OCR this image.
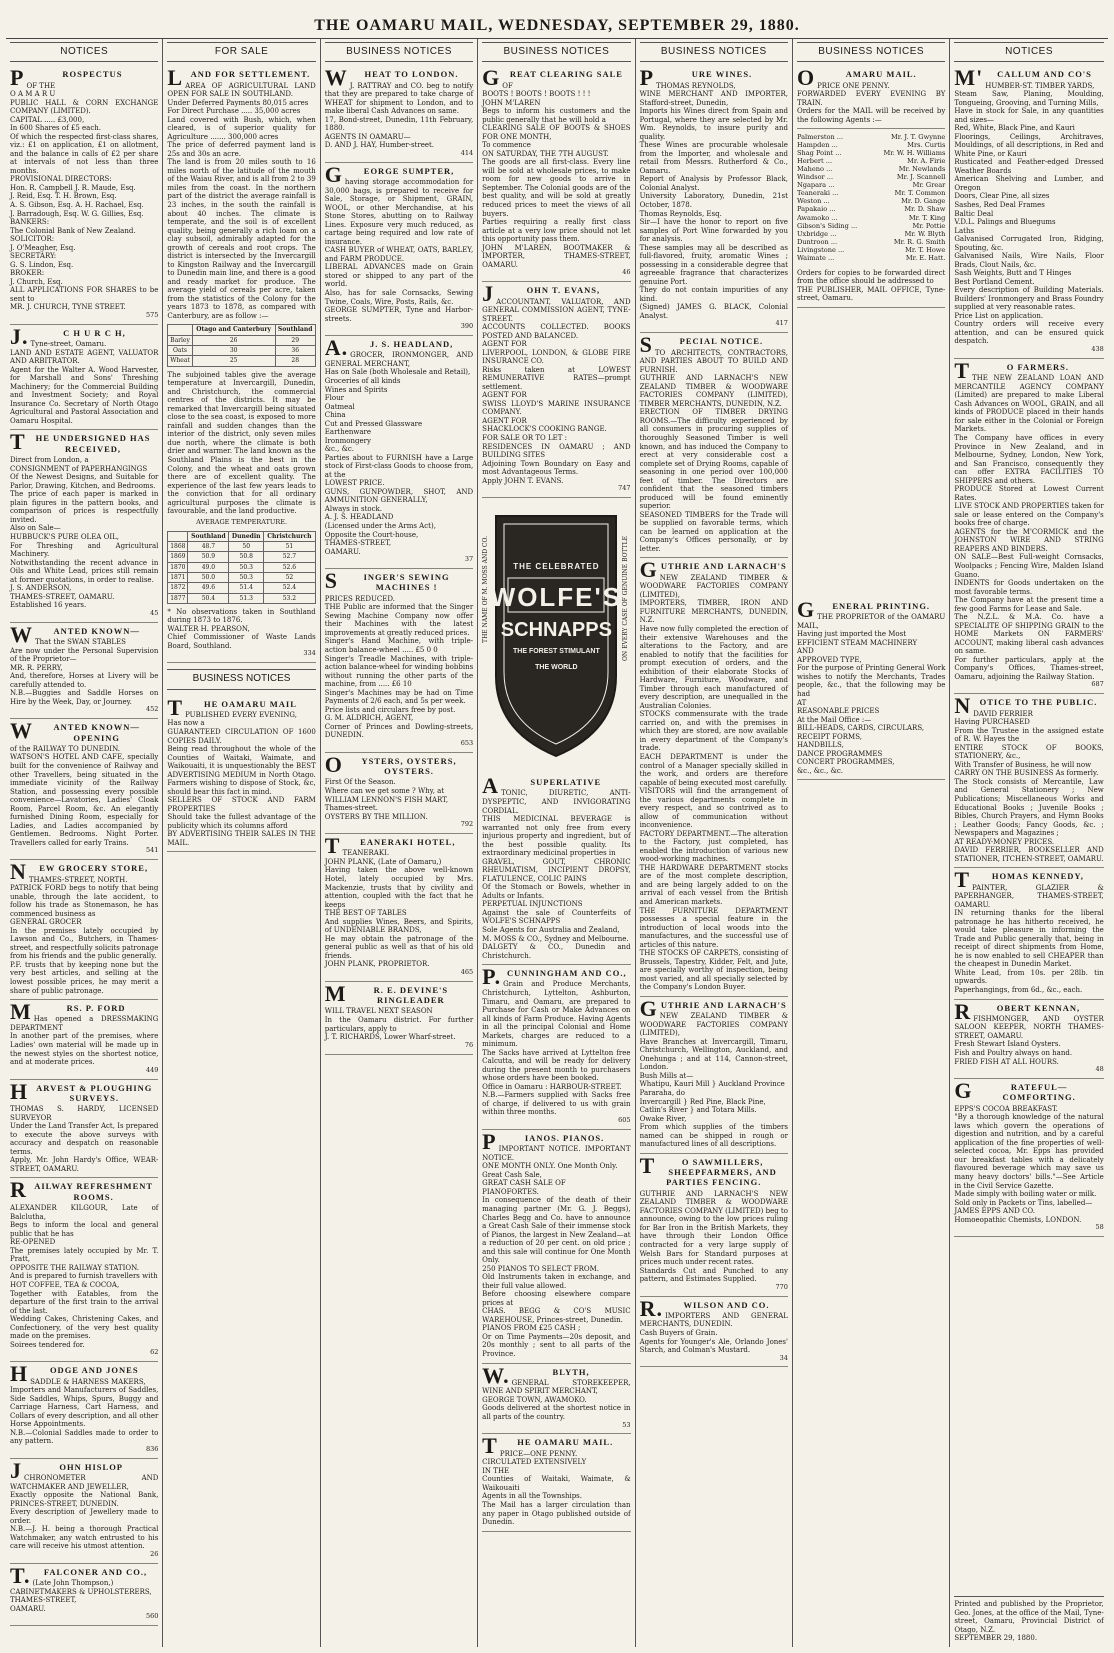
THE OAMARU MAIL, WEDNESDAY, SEPTEMBER 29, 1880.
NOTICES
PROSPECTUS
OF THE
O A M A R U
PUBLIC HALL & CORN EXCHANGE COMPANY (LIMITED).
CAPITAL ..... £3,000,
In 600 Shares of £5 each.
Of which the respected first-class shares, viz.: £1 on application, £1 on allotment, and the balance in calls of £2 per share at intervals of not less than three months.
PROVISIONAL DIRECTORS:
Hon. R. Campbell J. R. Maude, Esq.
J. Reid, Esq. T. H. Brown, Esq.
A. S. Gibson, Esq. A. H. Rachael, Esq.
J. Barradough, Esq. W. G. Gillies, Esq.
BANKERS:
The Colonial Bank of New Zealand.
SOLICITOR:
J. O'Meagher, Esq.
SECRETARY:
G. S. Lindon, Esq.
BROKER:
J. Church, Esq.
ALL APPLICATIONS FOR SHARES to be sent to
MR. J. CHURCH, TYNE STREET.
575
J.C H U R C H,
Tyne-street, Oamaru.
LAND AND ESTATE AGENT, VALUATOR AND ARBITRATOR.
Agent for the Walter A. Wood Harvester, for Marshall and Sons' Threshing Machinery; for the Commercial Building and Investment Society; and Royal Insurance Co. Secretary of North Otago Agricultural and Pastoral Association and Oamaru Hospital.
THE UNDERSIGNED HAS RECEIVED,
Direct from London, a
CONSIGNMENT of PAPERHANGINGS
Of the Newest Designs, and Suitable for Parlor, Drawing, Kitchen, and Bedrooms.
The price of each paper is marked in plain figures in the pattern books, and comparison of prices is respectfully invited.
Also on Sale—
HUBBUCK'S PURE OLEA OIL,
For Threshing and Agricultural Machinery.
Notwithstanding the recent advance in Oils and White Lead, prices still remain at former quotations, in order to realise.
J. S. ANDERSON,
THAMES-STREET, OAMARU.
Established 16 years.
45
WANTED KNOWN—
That the SWAN STABLES
Are now under the Personal Supervision of the Proprietor—
MR. R. PERRY,
And, therefore, Horses at Livery will be carefully attended to.
N.B.—Buggies and Saddle Horses on Hire by the Week, Day, or Journey.
452
WANTED KNOWN—OPENING
of the RAILWAY TO DUNEDIN.
WATSON'S HOTEL AND CAFE, specially built for the convenience of Railway and other Travellers, being situated in the immediate vicinity of the Railway Station, and possessing every possible convenience—Lavatories, Ladies' Cloak Room, Parcel Room, &c. An elegantly furnished Dining Room, especially for Ladies, and Ladies accompanied by Gentlemen. Bedrooms. Night Porter. Travellers called for early Trains.
541
NEW GROCERY STORE,
THAMES-STREET, NORTH.
PATRICK FORD begs to notify that being unable, through the late accident, to follow his trade as Stonemason, he has commenced business as
GENERAL GROCER
In the premises lately occupied by Lawson and Co., Butchers, in Thames-street, and respectfully solicits patronage from his friends and the public generally.
P.F. trusts that by keeping none but the very best articles, and selling at the lowest possible prices, he may merit a share of public patronage.
MRS. P. FORD
Has opened a DRESSMAKING DEPARTMENT
In another part of the premises, where Ladies' own material will be made up in the newest styles on the shortest notice, and at moderate prices.
449
HARVEST & PLOUGHING SURVEYS.
THOMAS S. HARDY, LICENSED SURVEYOR
Under the Land Transfer Act, Is prepared to execute the above surveys with accuracy and despatch on reasonable terms.
Apply, Mr. John Hardy's Office, WEAR-STREET, OAMARU.
RAILWAY REFRESHMENT ROOMS.
ALEXANDER KILGOUR, Late of Balclutha,
Begs to inform the local and general public that he has
RE-OPENED
The premises lately occupied by Mr. T. Pratt,
OPPOSITE THE RAILWAY STATION.
And is prepared to furnish travellers with
HOT COFFEE, TEA & COCOA,
Together with Eatables, from the departure of the first train to the arrival of the last.
Wedding Cakes, Christening Cakes, and Confectionery, of the very best quality made on the premises.
Soirees tendered for.
62
HODGE AND JONES
SADDLE & HARNESS MAKERS,
Importers and Manufacturers of Saddles, Side Saddles, Whips, Spurs, Buggy and Carriage Harness, Cart Harness, and Collars of every description, and all other Horse Appointments.
N.B.—Colonial Saddles made to order to any pattern.
836
JOHN HISLOP
CHRONOMETER AND WATCHMAKER AND JEWELLER,
Exactly opposite the National Bank, PRINCES-STREET, DUNEDIN.
Every description of Jewellery made to order.
N.B.—J. H. being a thorough Practical Watchmaker, any watch entrusted to his care will receive his utmost attention.
26
T.FALCONER AND CO.,
(Late John Thompson,)
CABINETMAKERS & UPHOLSTERERS,
THAMES-STREET,
OAMARU.
560
FOR SALE
LAND FOR SETTLEMENT.
AREA OF AGRICULTURAL LAND OPEN FOR SALE IN SOUTHLAND.
Under Deferred Payments 80,015 acres
For Direct Purchase ..... 35,000 acres
Land covered with Bush, which, when cleared, is of superior quality for Agriculture ....... 300,000 acres
The price of deferred payment land is 25s and 30s an acre.
The land is from 20 miles south to 16 miles north of the latitude of the mouth of the Waiau River, and is all from 2 to 39 miles from the coast. In the northern part of the district the average rainfall is 23 inches, in the south the rainfall is about 40 inches. The climate is temperate, and the soil is of excellent quality, being generally a rich loam on a clay subsoil, admirably adapted for the growth of cereals and root crops. The district is intersected by the Invercargill to Kingston Railway and the Invercargill to Dunedin main line, and there is a good and ready market for produce. The average yield of cereals per acre, taken from the statistics of the Colony for the years 1873 to 1878, as compared with Canterbury, are as follow :—
	Otago and Canterbury	Southland
Barley	26	29
Oats	30	36
Wheat	25	28
The subjoined tables give the average temperature at Invercargill, Dunedin, and Christchurch, the commercial centres of the districts. It may be remarked that Invercargill being situated close to the sea coast, is exposed to more rainfall and sudden changes than the interior of the district, only seven miles due north, where the climate is both drier and warmer. The land known as the Southland Plains is the best in the Colony, and the wheat and oats grown there are of excellent quality. The experience of the last few years leads to the conviction that for all ordinary agricultural purposes the climate is favourable, and the land productive.
AVERAGE TEMPERATURE.
	Southland	Dunedin	Christchurch
1868	48.7	50	51
1869	50.9	50.8	52.7
1870	49.0	50.3	52.6
1871	50.0	50.3	52
1872	49.6	51.4	52.4
1877	50.4	51.3	53.2
* No observations taken in Southland during 1873 to 1876.
WALTER H. PEARSON,
Chief Commissioner of Waste Lands Board, Southland.
334
BUSINESS NOTICES
THE OAMARU MAIL
PUBLISHED EVERY EVENING,
Has now a
GUARANTEED CIRCULATION OF 1600 COPIES DAILY.
Being read throughout the whole of the Counties of Waitaki, Waimate, and Waikouaiti, it is unquestionably the BEST ADVERTISING MEDIUM in North Otago. Farmers wishing to dispose of Stock, &c, should bear this fact in mind.
SELLERS OF STOCK AND FARM PROPERTIES
Should take the fullest advantage of the publicity which its columns afford
BY ADVERTISING THEIR SALES IN THE MAIL.
BUSINESS NOTICES
WHEAT TO LONDON.
J. RATTRAY and CO. beg to notify that they are prepared to take charge of WHEAT for shipment to London, and to make liberal Cash Advances on same.
17, Bond-street, Dunedin, 11th February, 1880.
AGENTS IN OAMARU—
D. AND J. HAY, Humber-street.
414
GEORGE SUMPTER,
having storage accommodation for 30,000 bags, is prepared to receive for Sale, Storage, or Shipment, GRAIN, WOOL, or other Merchandise, at his Stone Stores, abutting on to Railway Lines. Exposure very much reduced, as cartage being required and low rate of insurance.
CASH BUYER of WHEAT, OATS, BARLEY, and FARM PRODUCE.
LIBERAL ADVANCES made on Grain stored or shipped to any part of the world.
Also, has for sale Cornsacks, Sewing Twine, Coals, Wire, Posts, Rails, &c.
GEORGE SUMPTER, Tyne and Harbor-streets.
390
A.J. S. HEADLAND,
GROCER, IRONMONGER, AND GENERAL MERCHANT,
Has on Sale (both Wholesale and Retail),
Groceries of all kinds
Wines and Spirits
Flour
Oatmeal
China
Cut and Pressed Glassware
Earthenware
Ironmongery
&c., &c.
Parties about to FURNISH have a Large stock of First-class Goods to choose from, at the
LOWEST PRICE.
GUNS, GUNPOWDER, SHOT, AND AMMUNITION GENERALLY,
Always in stock.
A. J. S. HEADLAND
(Licensed under the Arms Act),
Opposite the Court-house,
THAMES-STREET,
OAMARU.
37
SINGER'S SEWING MACHINES !
PRICES REDUCED.
THE Public are informed that the Singer Sewing Machine Company now offer their Machines with the latest improvements at greatly reduced prices.
Singer's Hand Machine, with triple-action balance-wheel ..... £5 0 0
Singer's Treadle Machines, with triple-action balance-wheel for winding bobbins without running the other parts of the machine, from ..... £6 10
Singer's Machines may be had on Time Payments of 2/6 each, and 5s per week.
Price lists and circulars free by post.
G. M. ALDRICH, AGENT,
Corner of Princes and Dowling-streets, DUNEDIN.
653
OYSTERS, OYSTERS, OYSTERS.
First Of the Season.
Where can we get some ? Why, at
WILLIAM LENNON'S FISH MART,
Thames-street.
OYSTERS BY THE MILLION.
792
TEANERAKI HOTEL,
TEANERAKI.
JOHN PLANK, (Late of Oamaru,)
Having taken the above well-known Hotel, lately occupied by Mrs. Mackenzie, trusts that by civility and attention, coupled with the fact that he keeps
THE BEST OF TABLES
And supplies Wines, Beers, and Spirits, of UNDENIABLE BRANDS,
He may obtain the patronage of the general public as well as that of his old friends.
JOHN PLANK, PROPRIETOR.
465
MR. E. DEVINE'S RINGLEADER
WILL TRAVEL NEXT SEASON
In the Oamaru district. For further particulars, apply to
J. T. RICHARDS, Lower Wharf-street.
76
BUSINESS NOTICES
GREAT CLEARING SALE
OF
BOOTS ! BOOTS ! BOOTS ! ! !
JOHN M'LAREN
Begs to inform his customers and the public generally that he will hold a
CLEARING SALE OF BOOTS & SHOES FOR ONE MONTH,
To commence
ON SATURDAY, THE 7TH AUGUST.
The goods are all first-class. Every line will be sold at wholesale prices, to make room for new goods to arrive in September. The Colonial goods are of the best quality, and will be sold at greatly reduced prices to meet the views of all buyers.
Parties requiring a really first class article at a very low price should not let this opportunity pass them.
JOHN M'LAREN, BOOTMAKER & IMPORTER, THAMES-STREET, OAMARU.
46
JOHN T. EVANS,
ACCOUNTANT, VALUATOR, AND GENERAL COMMISSION AGENT, TYNE-STREET.
ACCOUNTS COLLECTED. BOOKS POSTED AND BALANCED.
AGENT FOR
LIVERPOOL, LONDON, & GLOBE FIRE INSURANCE CO.
Risks taken at LOWEST REMUNERATIVE RATES—prompt settlement.
AGENT FOR
SWISS LLOYD'S MARINE INSURANCE COMPANY.
AGENT FOR
SHACKLOCK'S COOKING RANGE.
FOR SALE OR TO LET :
RESIDENCES IN OAMARU ; AND BUILDING SITES
Adjoining Town Boundary on Easy and most Advantageous Terms.
Apply JOHN T. EVANS.
747
THE CELEBRATED
WOLFE'S
SCHNAPPS
THE FOREST STIMULANT
THE WORLD
THE NAME OF M. MOSS AND CO.	ON EVERY CASE OF GENUINE BOTTLE
ASUPERLATIVE
TONIC, DIURETIC, ANTI-DYSPEPTIC, AND INVIGORATING CORDIAL.
THIS MEDICINAL BEVERAGE is warranted not only free from every injurious property and ingredient, but of the best possible quality. Its extraordinary medicinal properties in
GRAVEL, GOUT, CHRONIC RHEUMATISM, INCIPIENT DROPSY, FLATULENCE, COLIC PAINS
Of the Stomach or Bowels, whether in Adults or Infants.
PERPETUAL INJUNCTIONS
Against the sale of Counterfeits of WOLFE'S SCHNAPPS
Sole Agents for Australia and Zealand,
M. MOSS & CO., Sydney and Melbourne.
DALGETY & CO., Dunedin and Christchurch.
P.CUNNINGHAM AND CO.,
Grain and Produce Merchants, Christchurch, Lyttelton, Ashburton, Timaru, and Oamaru, are prepared to Purchase for Cash or Make Advances on all kinds of Farm Produce. Having Agents in all the principal Colonial and Home Markets, charges are reduced to a minimum.
The Sacks have arrived at Lyttelton free Calcutta, and will be ready for delivery during the present month to purchasers whose orders have been booked.
Office in Oamaru : HARBOUR-STREET.
N.B.—Farmers supplied with Sacks free of charge, if delivered to us with grain within three months.
605
PIANOS. PIANOS.
IMPORTANT NOTICE. IMPORTANT NOTICE.
ONE MONTH ONLY. One Month Only.
Great Cash Sale,
GREAT CASH SALE OF
PIANOFORTES.
In consequence of the death of their managing partner (Mr. G. J. Beggs), Charles Begg and Co. have to announce a Great Cash Sale of their immense stock of Pianos, the largest in New Zealand—at a reduction of 20 per cent. on old price ; and this sale will continue for One Month Only.
250 PIANOS TO SELECT FROM.
Old Instruments taken in exchange, and their full value allowed.
Before choosing elsewhere compare prices at
CHAS. BEGG & CO'S MUSIC WAREHOUSE, Princes-street, Dunedin.
PIANOS FROM £25 CASH ;
Or on Time Payments—20s deposit, and 20s monthly ; sent to all parts of the Province.
W.BLYTH,
GENERAL STOREKEEPER, WINE AND SPIRIT MERCHANT,
GEORGE TOWN, AWAMOKO.
Goods delivered at the shortest notice in all parts of the country.
53
THE OAMARU MAIL.
PRICE—ONE PENNY.
CIRCULATED EXTENSIVELY
IN THE
Counties of Waitaki, Waimate, & Waikouaiti
Agents in all the Townships.
The Mail has a larger circulation than any paper in Otago published outside of Dunedin.
BUSINESS NOTICES
PURE WINES.
THOMAS REYNOLDS,
WINE MERCHANT AND IMPORTER, Stafford-street, Dunedin,
Imports his Wines direct from Spain and Portugal, where they are selected by Mr. Wm. Reynolds, to insure purity and quality.
These Wines are procurable wholesale from the Importer, and wholesale and retail from Messrs. Rutherford & Co., Oamaru.
Report of Analysis by Professor Black, Colonial Analyst.
University Laboratory, Dunedin, 21st October, 1878.
Thomas Reynolds, Esq.
Sir—I have the honor to report on five samples of Port Wine forwarded by you for analysis.
These samples may all be described as full-flavored, fruity, aromatic Wines ; possessing in a considerable degree that agreeable fragrance that characterizes genuine Port.
They do not contain impurities of any kind.
(Signed) JAMES G. BLACK, Colonial Analyst.
417
SPECIAL NOTICE.
TO ARCHITECTS, CONTRACTORS, AND PARTIES ABOUT TO BUILD AND FURNISH.
GUTHRIE AND LARNACH'S NEW ZEALAND TIMBER & WOODWARE FACTORIES COMPANY (LIMITED), TIMBER MERCHANTS, DUNEDIN, N.Z.
ERECTION OF TIMBER DRYING ROOMS.—The difficulty experienced by all consumers in procuring supplies of thoroughly Seasoned Timber is well known, and has induced the Company to erect at very considerable cost a complete set of Drying Rooms, capable of seasoning in one period over 100,000 feet of timber. The Directors are confident that the seasoned timbers produced will be found eminently superior.
SEASONED TIMBERS for the Trade will be supplied on favorable terms, which can be learned on application at the Company's Offices personally, or by letter.
GUTHRIE AND LARNACH'S
NEW ZEALAND TIMBER & WOODWARE FACTORIES COMPANY (LIMITED),
IMPORTERS, TIMBER, IRON AND FURNITURE MERCHANTS, DUNEDIN, N.Z.
Have now fully completed the erection of their extensive Warehouses and the alterations to the Factory, and are enabled to notify that the facilities for prompt execution of orders, and the exhibition of their elaborate Stocks of Hardware, Furniture, Woodware, and Timber through each manufactured of every description, are unequalled in the Australian Colonies.
STOCKS commensurate with the trade carried on, and with the premises in which they are stored, are now available in every department of the Company's trade.
EACH DEPARTMENT is under the control of a Manager specially skilled in the work, and orders are therefore capable of being executed most carefully.
VISITORS will find the arrangement of the various departments complete in every respect, and so contrived as to allow of communication without inconvenience.
FACTORY DEPARTMENT.—The alteration to the Factory, just completed, has enabled the introduction of various new wood-working machines.
THE HARDWARE DEPARTMENT stocks are of the most complete description, and are being largely added to on the arrival of each vessel from the British and American markets.
THE FURNITURE DEPARTMENT possesses a special feature in the introduction of local woods into the manufactures, and the successful use of articles of this nature.
THE STOCKS OF CARPETS, consisting of Brussels, Tapestry, Kidder, Felt, and Jute, are specially worthy of inspection, being most varied, and all specially selected by the Company's London Buyer.
GUTHRIE AND LARNACH'S
NEW ZEALAND TIMBER & WOODWARE FACTORIES COMPANY (LIMITED),
Have Branches at Invercargill, Timaru, Christchurch, Wellington, Auckland, and Onehunga ; and at 114, Cannon-street, London.
Bush Mills at—
Whatipu, Kauri Mill } Auckland Province
Pararaha, do
Invercargill } Red Pine, Black Pine,
Catlin's River } and Totara Mills.
Owake River,
From which supplies of the timbers named can be shipped in rough or manufactured lines of all descriptions.
TO SAWMILLERS, SHEEPFARMERS, AND PARTIES FENCING.
GUTHRIE AND LARNACH'S NEW ZEALAND TIMBER & WOODWARE FACTORIES COMPANY (LIMITED) beg to announce, owing to the low prices ruling for Bar Iron in the British Markets, they have through their London Office contracted for a very large supply of Welsh Bars for Standard purposes at prices much under recent rates.
Standards Cut and Punched to any pattern, and Estimates Supplied.
770
R.WILSON AND CO.
IMPORTERS AND GENERAL MERCHANTS, DUNEDIN.
Cash Buyers of Grain.
Agents for Younger's Ale, Orlando Jones' Starch, and Colman's Mustard.
34
BUSINESS NOTICES
OAMARU MAIL.
PRICE ONE PENNY.
FORWARDED EVERY EVENING BY TRAIN.
Orders for the MAIL will be received by the following Agents :—
Palmerston ...	Mr. J. T. Gwynne
Hampden ...	Mrs. Curtis
Shag Point ...	Mr. W. H. Williams
Herbert ...	Mr. A. Firie
Maheno ...	Mr. Newlands
Windsor ...	Mr. J. Scannell
Ngapara ...	Mr. Grear
Teaneraki ...	Mr. T. Common
Weston ...	Mr. D. Gange
Papakaio ...	Mr. D. Shaw
Awamoko ...	Mr. T. King
Gibson's Siding ...	Mr. Pottie
Uxbridge ...	Mr. W. Blyth
Duntroon ...	Mr. R. G. Smith
Livingstone ...	Mr. T. Howe
Waimate ...	Mr. E. Hatt.
Orders for copies to be forwarded direct from the office should be addressed to
THE PUBLISHER, MAIL OFFICE, Tyne-street, Oamaru.
GENERAL PRINTING.
THE PROPRIETOR of the OAMARU MAIL,
Having just imported the Most
EFFICIENT STEAM MACHINERY
AND
APPROVED TYPE,
For the purpose of Printing General Work wishes to notify the Merchants, Trades people, &c., that the following may be had
AT
REASONABLE PRICES
At the Mail Office :—
BILL-HEADS, CARDS, CIRCULARS,
RECEIPT FORMS,
HANDBILLS,
DANCE PROGRAMMES
CONCERT PROGRAMMES,
&c., &c., &c.
NOTICES
M'CALLUM AND CO'S
HUMBER-ST. TIMBER YARDS,
Steam Saw, Planing, Moulding, Tongueing, Grooving, and Turning Mills,
Have in stock for Sale, in any quantities and sizes—
Red, White, Black Pine, and Kauri
Floorings, Ceilings, Architraves, Mouldings, of all descriptions, in Red and White Pine, or Kauri
Rusticated and Feather-edged Dressed Weather Boards
American Shelving and Lumber, and Oregon
Doors, Clear Pine, all sizes
Sashes, Red Deal Frames
Baltic Deal
V.D.L. Palings and Bluegums
Laths
Galvanised Corrugated Iron, Ridging, Spouting, &c.
Galvanised Nails, Wire Nails, Floor Brads, Clout Nails, &c.
Sash Weights, Butt and T Hinges
Best Portland Cement.
Every description of Building Materials. Builders' Ironmongery and Brass Foundry supplied at very reasonable rates.
Price List on application.
Country orders will receive every attention, and can be ensured quick despatch.
438
TO FARMERS.
THE NEW ZEALAND LOAN AND MERCANTILE AGENCY COMPANY (Limited) are prepared to make Liberal Cash Advances on WOOL, GRAIN, and all kinds of PRODUCE placed in their hands for sale either in the Colonial or Foreign Markets.
The Company have offices in every Province in New Zealand, and in Melbourne, Sydney, London, New York, and San Francisco, consequently they can offer EXTRA FACILITIES TO SHIPPERS and others.
PRODUCE Stored at Lowest Current Rates.
LIVE STOCK AND PROPERTIES taken for sale or lease entered on the Company's books free of charge.
AGENTS for the M'CORMICK and the JOHNSTON WIRE AND STRING REAPERS AND BINDERS.
ON SALE—Best Full-weight Cornsacks, Woolpacks ; Fencing Wire, Malden Island Guano.
INDENTS for Goods undertaken on the most favorable terms.
The Company have at the present time a few good Farms for Lease and Sale.
The N.Z.L. & M.A. Co. have a SPECIALITE OF SHIPPING GRAIN to the HOME Markets ON FARMERS' ACCOUNT, making liberal cash advances on same.
For further particulars, apply at the Company's Offices, Thames-street, Oamaru, adjoining the Railway Station.
687
NOTICE TO THE PUBLIC.
DAVID FERRIER
Having PURCHASED
From the Trustee in the assigned estate of R. W. Hayes the
ENTIRE STOCK OF BOOKS, STATIONERY, &c.,
With Transfer of Business, he will now
CARRY ON THE BUSINESS As formerly.
The Stock consists of Mercantile, Law and General Stationery ; New Publications; Miscellaneous Works and Educational Books ; Juvenile Books ; Bibles, Church Prayers, and Hymn Books ; Leather Goods; Fancy Goods, &c. ; Newspapers and Magazines ;
AT READY-MONEY PRICES.
DAVID FERRIER, BOOKSELLER AND STATIONER, ITCHEN-STREET, OAMARU.
THOMAS KENNEDY,
PAINTER, GLAZIER & PAPERHANGER, THAMES-STREET, OAMARU.
IN returning thanks for the liberal patronage he has hitherto received, he would take pleasure in informing the Trade and Public generally that, being in receipt of direct shipments from Home, he is now enabled to sell CHEAPER than the cheapest in Dunedin Market.
White Lead, from 10s. per 28lb. tin upwards.
Paperhangings, from 6d., &c., each.
ROBERT KENNAN,
FISHMONGER, AND OYSTER SALOON KEEPER, NORTH THAMES-STREET, OAMARU.
Fresh Stewart Island Oysters.
Fish and Poultry always on hand.
FRIED FISH AT ALL HOURS.
48
GRATEFUL—COMFORTING.
EPPS'S COCOA BREAKFAST.
"By a thorough knowledge of the natural laws which govern the operations of digestion and nutrition, and by a careful application of the fine properties of well-selected cocoa, Mr. Epps has provided our breakfast tables with a delicately flavoured beverage which may save us many heavy doctors' bills."—See Article in the Civil Service Gazette.
Made simply with boiling water or milk.
Sold only in Packets or Tins, labelled—
JAMES EPPS AND CO.
Homoeopathic Chemists, LONDON.
58
Printed and published by the Proprietor, Geo. Jones, at the office of the Mail, Tyne-street, Oamaru, Provincial District of Otago, N.Z.
SEPTEMBER 29, 1880.
